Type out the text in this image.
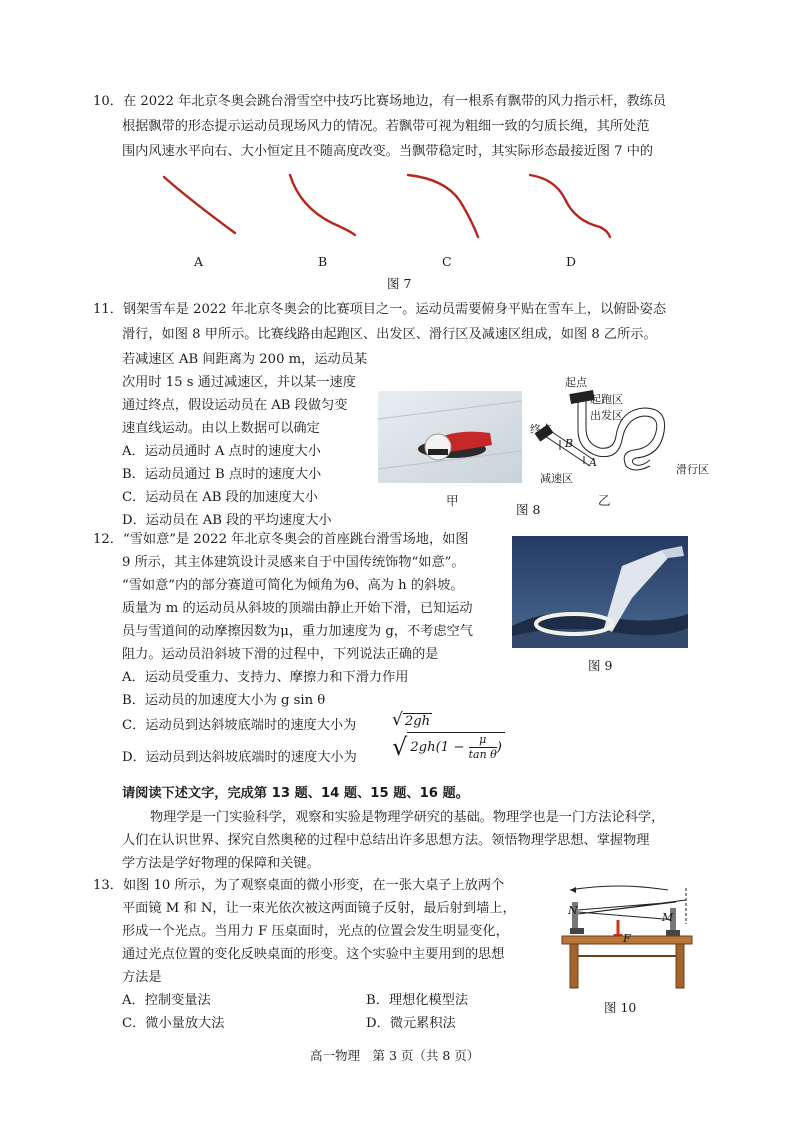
10．在 2022 年北京冬奥会跳台滑雪空中技巧比赛场地边，有一根系有飘带的风力指示杆，教练员
根据飘带的形态提示运动员现场风力的情况。若飘带可视为粗细一致的匀质长绳，其所处范
围内风速水平向右、大小恒定且不随高度改变。当飘带稳定时，其实际形态最接近图 7 中的
A	B	C	D
图 7
11．钢架雪车是 2022 年北京冬奥会的比赛项目之一。运动员需要俯身平贴在雪车上，以俯卧姿态
滑行，如图 8 甲所示。比赛线路由起跑区、出发区、滑行区及减速区组成，如图 8 乙所示。
若减速区 AB 间距离为 200 m，运动员某
次用时 15 s 通过减速区，并以某一速度
通过终点，假设运动员在 AB 段做匀变
速直线运动。由以上数据可以确定
A．运动员通时 A 点时的速度大小
B．运动员通过 B 点时的速度大小
C．运动员在 AB 段的加速度大小
D．运动员在 AB 段的平均速度大小
起点
起跑区
出发区
终点
B
A
减速区
滑行区
甲	乙
图 8
12．“雪如意”是 2022 年北京冬奥会的首座跳台滑雪场地，如图
9 所示，其主体建筑设计灵感来自于中国传统饰物“如意”。
“雪如意”内的部分赛道可简化为倾角为θ、高为 h 的斜坡。
质量为 m 的运动员从斜坡的顶端由静止开始下滑，已知运动
员与雪道间的动摩擦因数为μ，重力加速度为 g，不考虑空气
阻力。运动员沿斜坡下滑的过程中，下列说法正确的是
A．运动员受重力、支持力、摩擦力和下滑力作用
B．运动员的加速度大小为 g sin θ
C．运动员到达斜坡底端时的速度大小为 √ 2gh
D．运动员到达斜坡底端时的速度大小为 √ $2gh(1 - \frac{\mu}{\text{tan θ}}$ )
图 9
请阅读下述文字，完成第 13 题、14 题、15 题、16 题。
物理学是一门实验科学，观察和实验是物理学研究的基础。物理学也是一门方法论科学，
人们在认识世界、探究自然奥秘的过程中总结出许多思想方法。领悟物理学思想、掌握物理
学方法是学好物理的保障和关键。
13．如图 10 所示，为了观察桌面的微小形变，在一张大桌子上放两个
平面镜 M 和 N，让一束光依次被这两面镜子反射，最后射到墙上，
形成一个光点。当用力 F 压桌面时，光点的位置会发生明显变化，
通过光点位置的变化反映桌面的形变。这个实验中主要用到的思想
方法是
A．控制变量法	B．理想化模型法
C．微小量放大法	D．微元累积法
N
M
F
图 10
高一物理　第 3 页（共 8 页）
